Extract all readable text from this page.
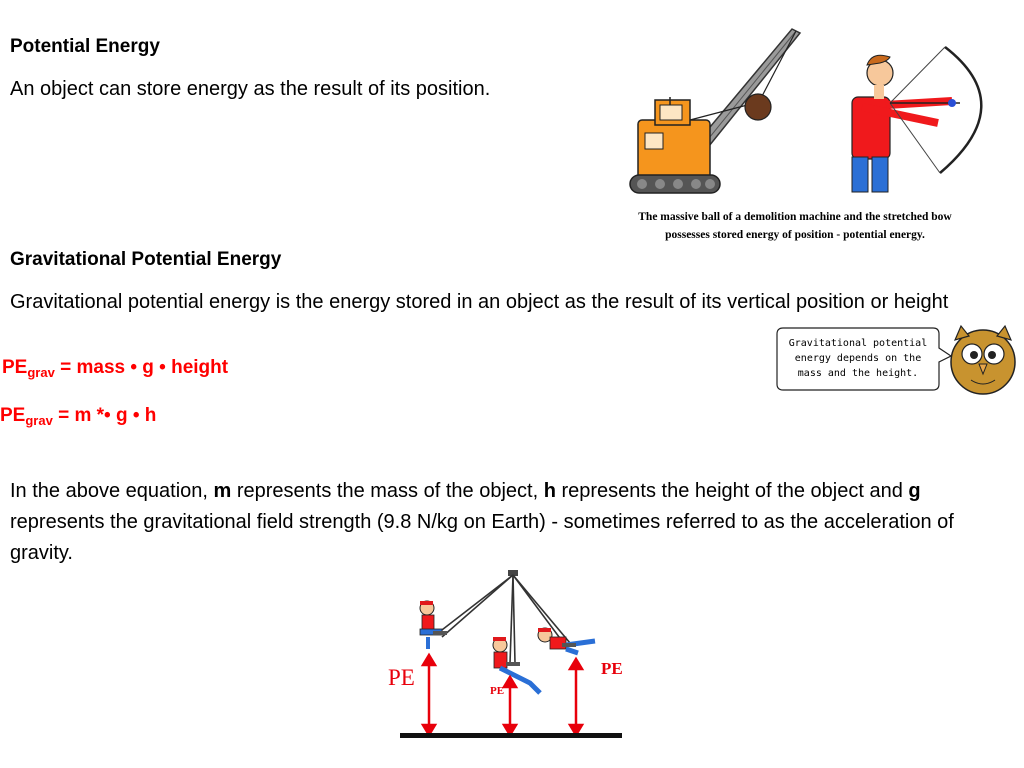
Potential Energy
An object can store energy as the result of its position.
The massive ball of a demolition machine and the stretched bow
possesses stored energy of position - potential energy.
Gravitational Potential Energy
Gravitational potential energy is the energy stored in an object as the result of its vertical position or height
Gravitational potential
energy depends on the
mass and the height.
$PE_{grav}$ = mass • g • height
$PE_{grav} = m$ *• g • h
In the above equation, m represents the mass of the object, h represents the height of the object and g represents the gravitational field strength (9.8 N/kg on Earth) - sometimes referred to as the acceleration of gravity.
PE
PE
PE
